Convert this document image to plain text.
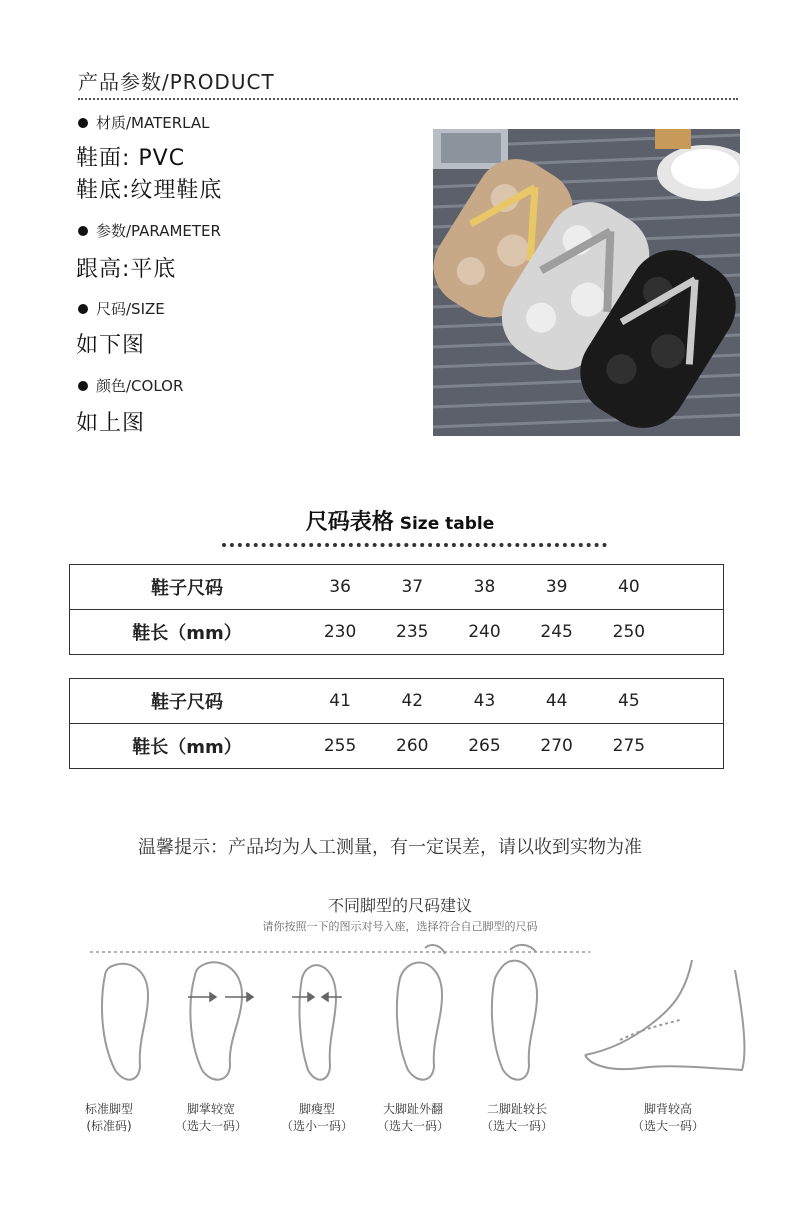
产品参数/PRODUCT
材质/MATERLAL
鞋面: PVC
鞋底:纹理鞋底
参数/PARAMETER
跟高:平底
尺码/SIZE
如下图
颜色/COLOR
如上图
尺码表格 Size table
鞋子尺码	36	37	38	39	40	
鞋长（mm）	230	235	240	245	250	
鞋子尺码	41	42	43	44	45	
鞋长（mm）	255	260	265	270	275	
温馨提示：产品均为人工测量，有一定误差，请以收到实物为准
不同脚型的尺码建议
请你按照一下的图示对号入座，选择符合自己脚型的尺码
标准脚型
(标准码)
脚掌较宽
（选大一码）
脚瘦型
（选小一码）
大脚趾外翻
（选大一码）
二脚趾较长
（选大一码）
脚背较高
（选大一码）
